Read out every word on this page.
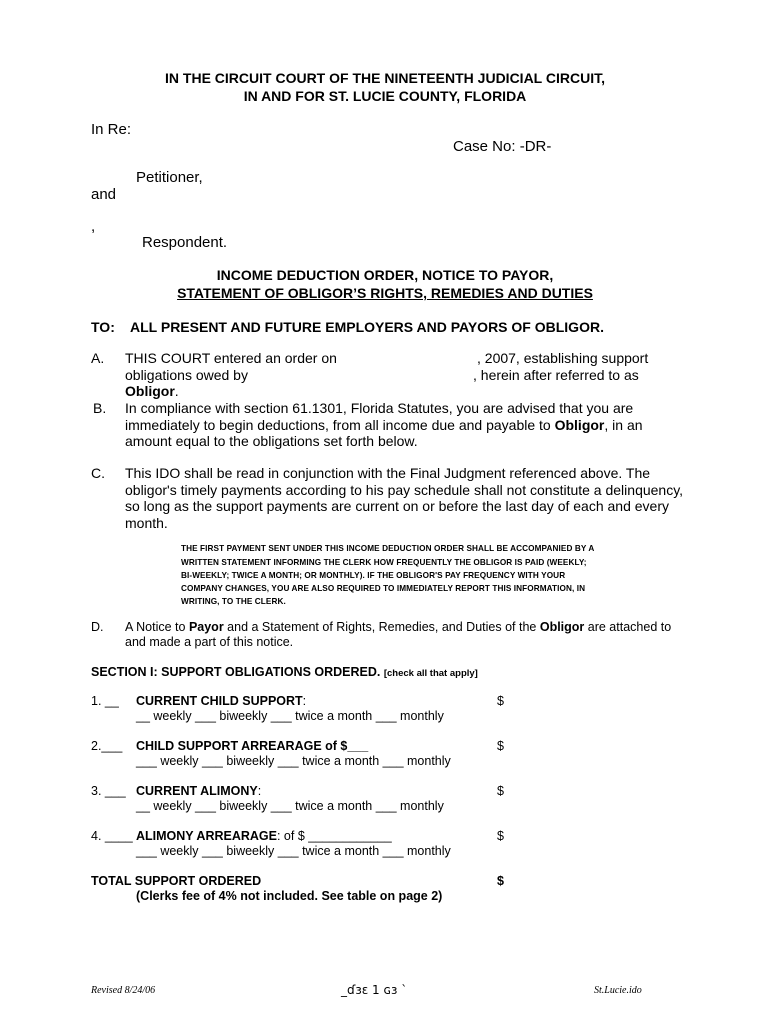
IN THE CIRCUIT COURT OF THE NINETEENTH JUDICIAL CIRCUIT,
IN AND FOR ST. LUCIE COUNTY, FLORIDA
In Re:
Case No: -DR-
Petitioner,
and
,
Respondent.
INCOME DEDUCTION ORDER, NOTICE TO PAYOR,
STATEMENT OF OBLIGOR’S RIGHTS, REMEDIES AND DUTIES
TO: ALL PRESENT AND FUTURE EMPLOYERS AND PAYORS OF OBLIGOR.
A. THIS COURT entered an order on	, 2007, establishing support
obligations owed by	, herein after referred to as
Obligor.
B. In compliance with section 61.1301, Florida Statutes, you are advised that you are
immediately to begin deductions, from all income due and payable to Obligor, in an
amount equal to the obligations set forth below.
C. This IDO shall be read in conjunction with the Final Judgment referenced above. The
obligor's timely payments according to his pay schedule shall not constitute a delinquency,
so long as the support payments are current on or before the last day of each and every
month.
THE FIRST PAYMENT SENT UNDER THIS INCOME DEDUCTION ORDER SHALL BE ACCOMPANIED BY A
WRITTEN STATEMENT INFORMING THE CLERK HOW FREQUENTLY THE OBLIGOR IS PAID (WEEKLY;
BI-WEEKLY; TWICE A MONTH; OR MONTHLY). IF THE OBLIGOR'S PAY FREQUENCY WITH YOUR
COMPANY CHANGES, YOU ARE ALSO REQUIRED TO IMMEDIATELY REPORT THIS INFORMATION, IN
WRITING, TO THE CLERK.
D. A Notice to Payor and a Statement of Rights, Remedies, and Duties of the Obligor are attached to
and made a part of this notice.
SECTION I: SUPPORT OBLIGATIONS ORDERED. [check all that apply]
1. __ CURRENT CHILD SUPPORT:	$
__ weekly ___ biweekly ___ twice a month ___ monthly
2.___ CHILD SUPPORT ARREARAGE of $___	$
___ weekly ___ biweekly ___ twice a month ___ monthly
3. ___ CURRENT ALIMONY:	$
__ weekly ___ biweekly ___ twice a month ___ monthly
4. ____ ALIMONY ARREARAGE: of $ ____________	$
___ weekly ___ biweekly ___ twice a month ___ monthly
TOTAL SUPPORT ORDERED	$
(Clerks fee of 4% not included. See table on page 2)
Revised 8/24/06	_ɗɜɛ 1 ɢɜ `	St.Lucie.ido
